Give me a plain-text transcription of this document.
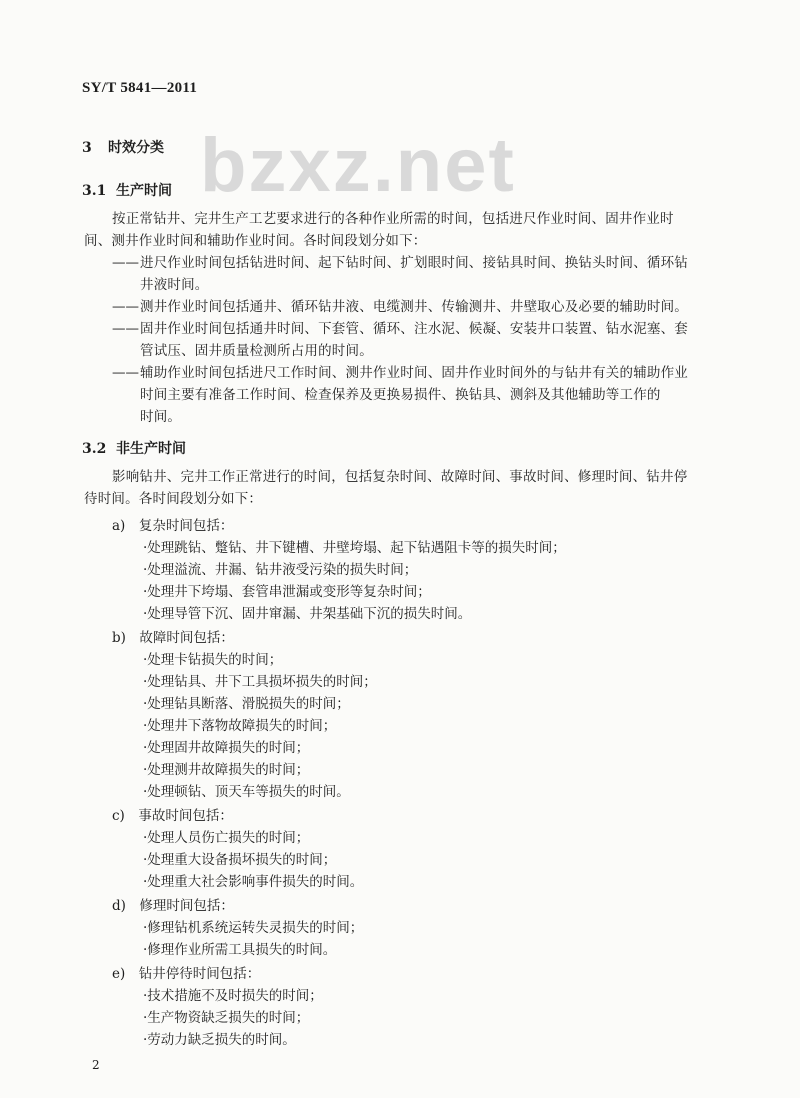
SY/T 5841—2011
bzxz.net
3 时效分类
3.1 生产时间
按正常钻井、完井生产工艺要求进行的各种作业所需的时间，包括进尺作业时间、固井作业时
间、测井作业时间和辅助作业时间。各时间段划分如下：
—— 进尺作业时间包括钻进时间、起下钻时间、扩划眼时间、接钻具时间、换钻头时间、循环钻
井液时间。
—— 测井作业时间包括通井、循环钻井液、电缆测井、传输测井、井壁取心及必要的辅助时间。
—— 固井作业时间包括通井时间、下套管、循环、注水泥、候凝、安装井口装置、钻水泥塞、套
管试压、固井质量检测所占用的时间。
—— 辅助作业时间包括进尺工作时间、测井作业时间、固井作业时间外的与钻井有关的辅助作业
时间主要有准备工作时间、检查保养及更换易损件、换钻具、测斜及其他辅助等工作的
时间。
3.2 非生产时间
影响钻井、完井工作正常进行的时间，包括复杂时间、故障时间、事故时间、修理时间、钻井停
待时间。各时间段划分如下：
a)　复杂时间包括：
·处理跳钻、蹩钻、井下键槽、井壁垮塌、起下钻遇阻卡等的损失时间；
·处理溢流、井漏、钻井液受污染的损失时间；
·处理井下垮塌、套管串泄漏或变形等复杂时间；
·处理导管下沉、固井窜漏、井架基础下沉的损失时间。
b)　故障时间包括：
·处理卡钻损失的时间；
·处理钻具、井下工具损坏损失的时间；
·处理钻具断落、滑脱损失的时间；
·处理井下落物故障损失的时间；
·处理固井故障损失的时间；
·处理测井故障损失的时间；
·处理顿钻、顶天车等损失的时间。
c)　事故时间包括：
·处理人员伤亡损失的时间；
·处理重大设备损坏损失的时间；
·处理重大社会影响事件损失的时间。
d)　修理时间包括：
·修理钻机系统运转失灵损失的时间；
·修理作业所需工具损失的时间。
e)　钻井停待时间包括：
·技术措施不及时损失的时间；
·生产物资缺乏损失的时间；
·劳动力缺乏损失的时间。
2
